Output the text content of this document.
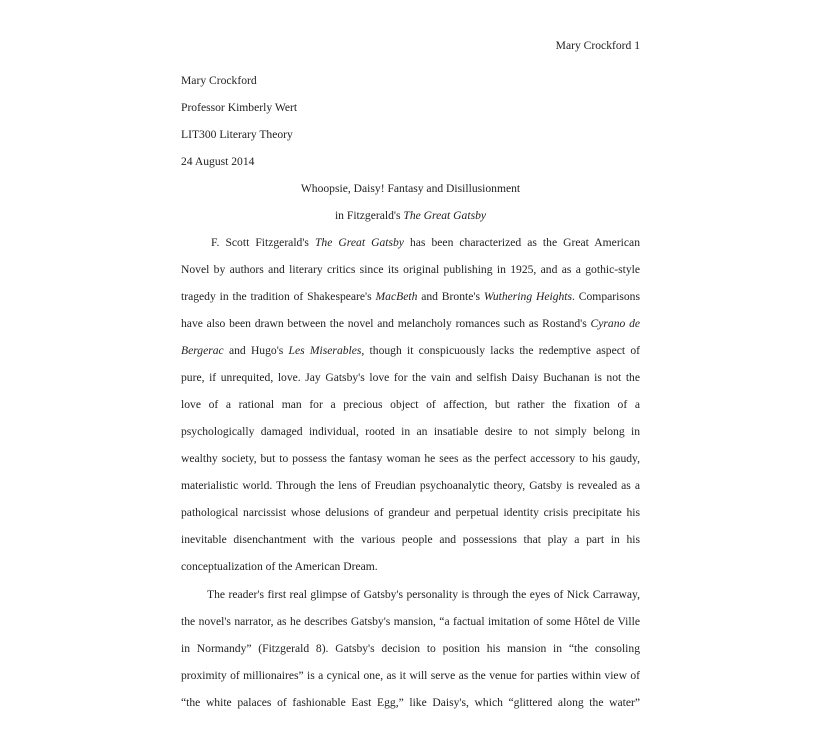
Mary Crockford 1
Mary Crockford
Professor Kimberly Wert
LIT300 Literary Theory
24 August 2014
Whoopsie, Daisy! Fantasy and Disillusionment
in Fitzgerald's The Great Gatsby
F. Scott Fitzgerald's The Great Gatsby has been characterized as the Great American
Novel by authors and literary critics since its original publishing in 1925, and as a gothic-style
tragedy in the tradition of Shakespeare's MacBeth and Bronte's Wuthering Heights. Comparisons
have also been drawn between the novel and melancholy romances such as Rostand's Cyrano de
Bergerac and Hugo's Les Miserables, though it conspicuously lacks the redemptive aspect of
pure, if unrequited, love. Jay Gatsby's love for the vain and selfish Daisy Buchanan is not the
love of a rational man for a precious object of affection, but rather the fixation of a
psychologically damaged individual, rooted in an insatiable desire to not simply belong in
wealthy society, but to possess the fantasy woman he sees as the perfect accessory to his gaudy,
materialistic world. Through the lens of Freudian psychoanalytic theory, Gatsby is revealed as a
pathological narcissist whose delusions of grandeur and perpetual identity crisis precipitate his
inevitable disenchantment with the various people and possessions that play a part in his
conceptualization of the American Dream.
The reader's first real glimpse of Gatsby's personality is through the eyes of Nick Carraway,
the novel's narrator, as he describes Gatsby's mansion, “a factual imitation of some Hôtel de Ville
in Normandy” (Fitzgerald 8). Gatsby's decision to position his mansion in “the consoling
proximity of millionaires” is a cynical one, as it will serve as the venue for parties within view of
“the white palaces of fashionable East Egg,” like Daisy's, which “glittered along the water”
